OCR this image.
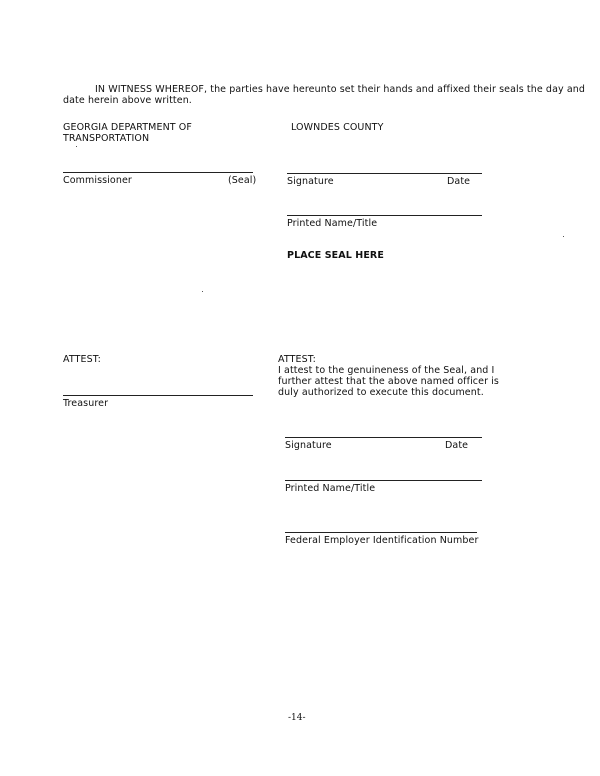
IN WITNESS WHEREOF, the parties have hereunto set their hands and affixed their seals the day and
date herein above written.
GEORGIA DEPARTMENT OF
TRANSPORTATION
LOWNDES COUNTY
Commissioner	(Seal)	Signature	Date
Printed Name/Title
PLACE SEAL HERE
ATTEST:
Treasurer
ATTEST:
I attest to the genuineness of the Seal, and I
further attest that the above named officer is
duly authorized to execute this document.
Signature	Date
Printed Name/Title
Federal Employer Identification Number
-14-
